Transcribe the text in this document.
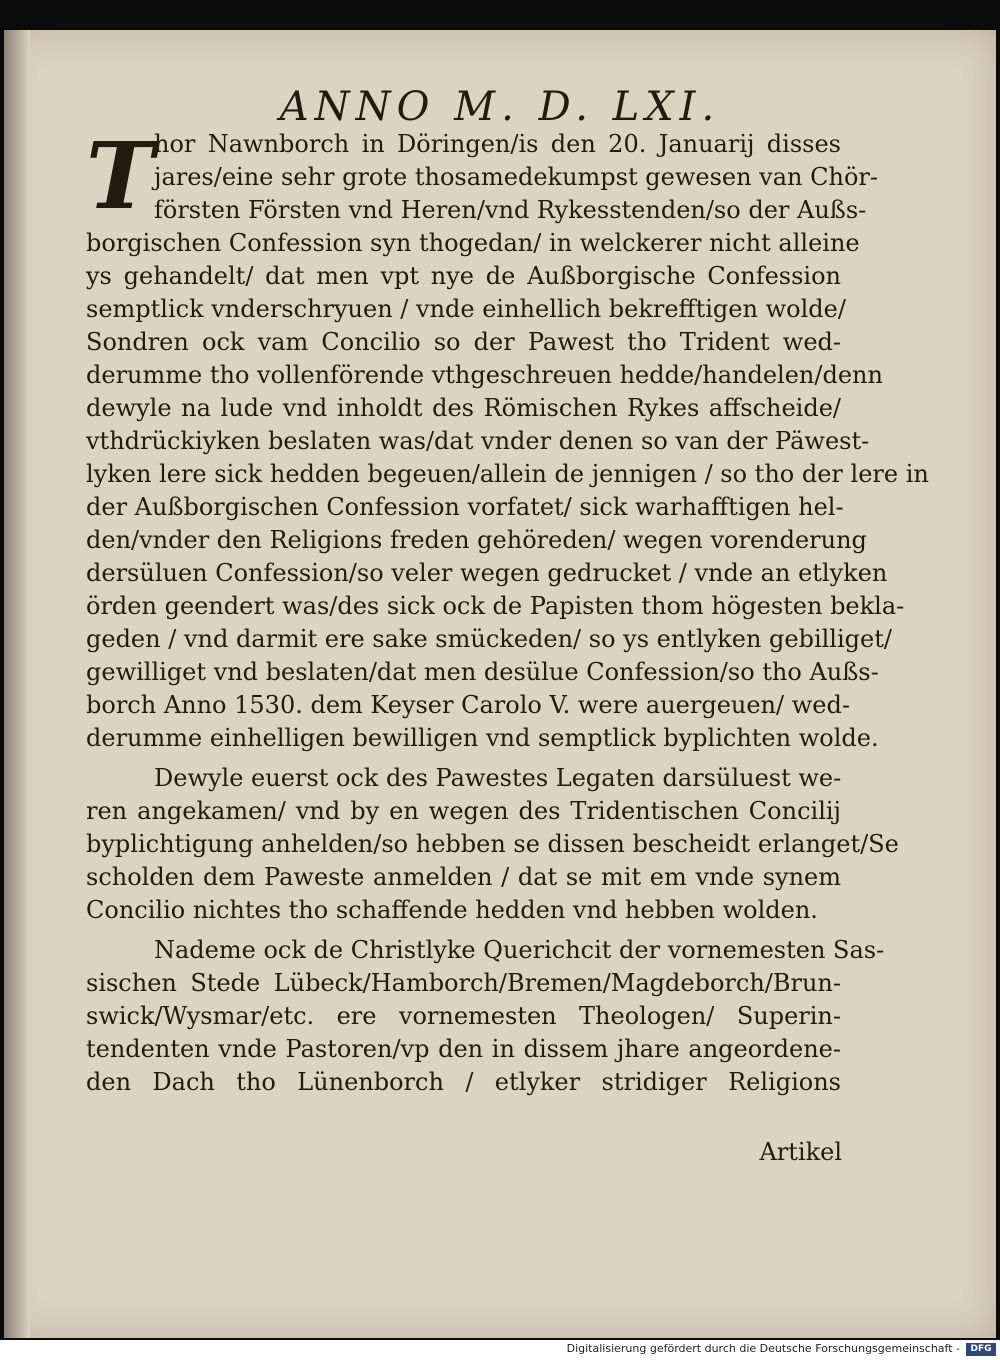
ANNO M. D. LXI.
T hor Nawnborch in Döringen/is den 20. Januarij disses
jares/eine sehr grote thosamedekumpst gewesen van Chör-
försten Försten vnd Heren/vnd Rykesstenden/so der Außs-
borgischen Confession syn thogedan/ in welckerer nicht alleine
ys gehandelt/ dat men vpt nye de Außborgische Confession
semptlick vnderschryuen / vnde einhellich bekrefftigen wolde/
Sondren ock vam Concilio so der Pawest tho Trident wed-
derumme tho vollenförende vthgeschreuen hedde/handelen/denn
dewyle na lude vnd inholdt des Römischen Rykes affscheide/
vthdrückiyken beslaten was/dat vnder denen so van der Päwest-
lyken lere sick hedden begeuen/allein de jennigen / so tho der lere in
der Außborgischen Confession vorfatet/ sick warhafftigen hel-
den/vnder den Religions freden gehöreden/ wegen vorenderung
dersüluen Confession/so veler wegen gedrucket / vnde an etlyken
örden geendert was/des sick ock de Papisten thom högesten bekla-
geden / vnd darmit ere sake smückeden/ so ys entlyken gebilliget/
gewilliget vnd beslaten/dat men desülue Confession/so tho Außs-
borch Anno 1530. dem Keyser Carolo V. were auergeuen/ wed-
derumme einhelligen bewilligen vnd semptlick byplichten wolde.
Dewyle euerst ock des Pawestes Legaten darsüluest we-
ren angekamen/ vnd by en wegen des Tridentischen Concilij
byplichtigung anhelden/so hebben se dissen bescheidt erlanget/Se
scholden dem Paweste anmelden / dat se mit em vnde synem
Concilio nichtes tho schaffende hedden vnd hebben wolden.
Nademe ock de Christlyke Querichcit der vornemesten Sas-
sischen Stede Lübeck/Hamborch/Bremen/Magdeborch/Brun-
swick/Wysmar/etc. ere vornemesten Theologen/ Superin-
tendenten vnde Pastoren/vp den in dissem jhare angeordene-
den Dach tho Lünenborch / etlyker stridiger Religions
Artikel
Digitalisierung gefördert durch die Deutsche Forschungsgemeinschaft -	DFG
